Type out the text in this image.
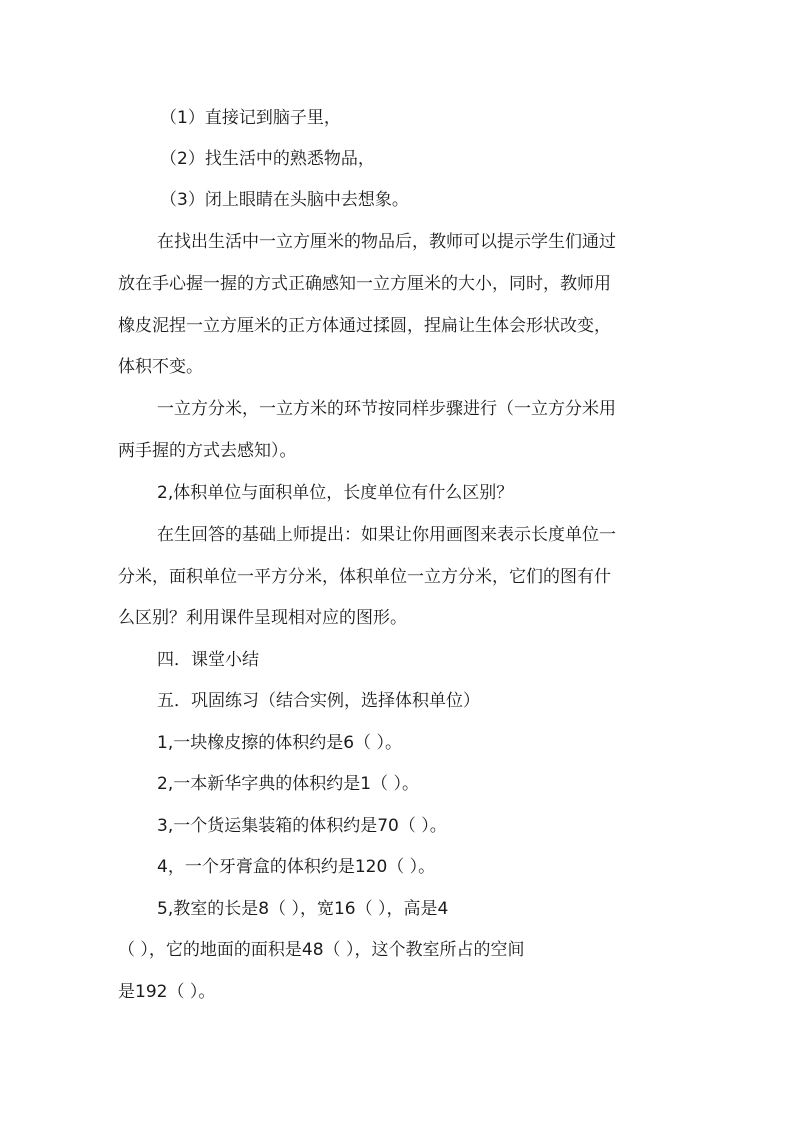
（1）直接记到脑子里，
（2）找生活中的熟悉物品，
（3）闭上眼睛在头脑中去想象。
在找出生活中一立方厘米的物品后，教师可以提示学生们通过
放在手心握一握的方式正确感知一立方厘米的大小，同时，教师用
橡皮泥捏一立方厘米的正方体通过揉圆，捏扁让生体会形状改变，
体积不变。
一立方分米，一立方米的环节按同样步骤进行（一立方分米用
两手握的方式去感知）。
2,体积单位与面积单位，长度单位有什么区别？
在生回答的基础上师提出：如果让你用画图来表示长度单位一
分米，面积单位一平方分米，体积单位一立方分米，它们的图有什
么区别？利用课件呈现相对应的图形。
四．课堂小结
五．巩固练习（结合实例，选择体积单位）
1,一块橡皮擦的体积约是6（ ）。
2,一本新华字典的体积约是1（ ）。
3,一个货运集装箱的体积约是70（ ）。
4，一个牙膏盒的体积约是120（ ）。
5,教室的长是8（ ），宽16（ ），高是4
（ ），它的地面的面积是48（ ），这个教室所占的空间
是192（ ）。
